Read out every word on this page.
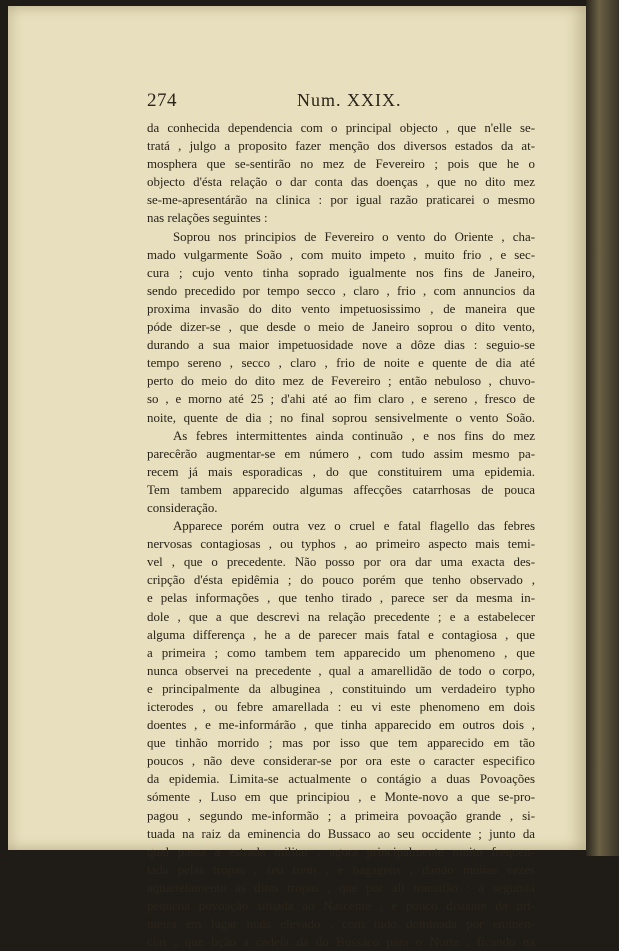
274	Num. XXIX.
da conhecida dependencia com o principal objecto , que n'elle se-
tratá , julgo a proposito fazer menção dos diversos estados da at-
mosphera que se-sentirão no mez de Fevereiro ; pois que he o
objecto d'ésta relação o dar conta das doenças , que no dito mez
se-me-apresentárão na clinica : por igual razão praticarei o mesmo
nas relações seguintes :
Soprou nos principios de Fevereiro o vento do Oriente , cha-
mado vulgarmente Soão , com muito impeto , muito frio , e sec-
cura ; cujo vento tinha soprado igualmente nos fins de Janeiro,
sendo precedido por tempo secco , claro , frio , com annuncios da
proxima invasão do dito vento impetuosissimo , de maneira que
póde dizer-se , que desde o meio de Janeiro soprou o dito vento,
durando a sua maior impetuosidade nove a dôze dias : seguio-se
tempo sereno , secco , claro , frio de noite e quente de dia até
perto do meio do dito mez de Fevereiro ; então nebuloso , chuvo-
so , e morno até 25 ; d'ahi até ao fim claro , e sereno , fresco de
noite, quente de dia ; no final soprou sensivelmente o vento Soão.
As febres intermittentes ainda continuão , e nos fins do mez
parecêrão augmentar-se em número , com tudo assim mesmo pa-
recem já mais esporadicas , do que constituirem uma epidemia.
Tem tambem apparecido algumas affecções catarrhosas de pouca
consideração.
Apparece porém outra vez o cruel e fatal flagello das febres
nervosas contagiosas , ou typhos , ao primeiro aspecto mais temi-
vel , que o precedente. Não posso por ora dar uma exacta des-
cripção d'ésta epidêmia ; do pouco porém que tenho observado ,
e pelas informações , que tenho tirado , parece ser da mesma in-
dole , que a que descrevi na relação precedente ; e a estabelecer
alguma differença , he a de parecer mais fatal e contagiosa , que
a primeira ; como tambem tem apparecido um phenomeno , que
nunca observei na precedente , qual a amarellidão de todo o corpo,
e principalmente da albuginea , constituindo um verdadeiro typho
icterodes , ou febre amarellada : eu vi este phenomeno em dois
doentes , e me-informárão , que tinha apparecido em outros dois ,
que tinhão morrido ; mas por isso que tem apparecido em tão
poucos , não deve considerar-se por ora este o caracter especifico
da epidemia. Limita-se actualmente o contágio a duas Povoações
sómente , Luso em que principiou , e Monte-novo a que se-pro-
pagou , segundo me-informão ; a primeira povoação grande , si-
tuada na raiz da eminencia do Bussaco ao seu occidente ; junto da
qual passa a estrada militar , agora principalmente muito frequen-
tada pelas tropas , seu trem , e bagagens , dando muitas vezes
aquartelamento ás ditas tropas , que por ali transitão : a segunda
pequena povoação situada ao Nascente , e pouco distante da pri-
meira em lugar mais elevado , com tudo dominada por eminen-
cias , que lição a cadeia da do Bussaco para o Norte , ficando na
